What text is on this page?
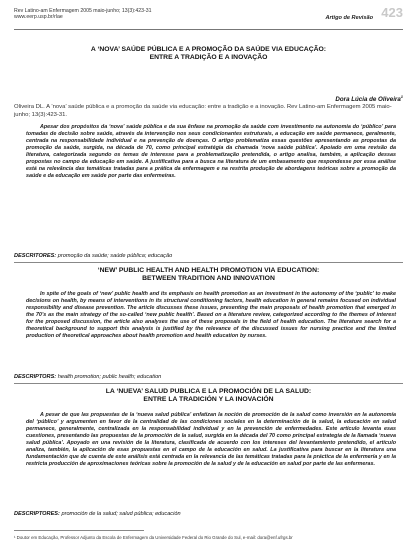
Rev Latino-am Enfermagem 2005 maio-junho; 13(3):423-31
www.eerp.usp.br/rlae	Artigo de Revisão 423
A ‘NOVA’ SAÚDE PÚBLICA E A PROMOÇÃO DA SAÚDE VIA EDUCAÇÃO:
ENTRE A TRADIÇÃO E A INOVAÇÃO
Dora Lúcia de Oliveira$^1$
Oliveira DL. A ‘nova’ saúde pública e a promoção da saúde via educação: entre a tradição e a inovação. Rev Latino-am Enfermagem 2005 maio-junho; 13(3):423-31.
Apesar dos propósitos da ‘nova’ saúde pública e da sua ênfase na promoção da saúde com investimento na autonomia do ‘público’ para tomadas de decisão sobre saúde, através da intervenção nos seus condicionantes estruturais, a educação em saúde permanece, geralmente, centrada na responsabilidade individual e na prevenção de doenças. O artigo problematiza essas questões apresentando as propostas da promoção da saúde, surgida, na década de 70, como principal estratégia da chamada ‘nova saúde pública’. Apoiado em uma revisão da literatura, categorizada segundo os temas de interesse para a problematização pretendida, o artigo analisa, também, a aplicação dessas propostas no campo da educação em saúde. A justificativa para a busca na literatura de um embasamento que respondesse por essa análise está na relevância das temáticas tratadas para a prática da enfermagem e na restrita produção de abordagens teóricas sobre a promoção da saúde e da educação em saúde por parte das enfermeiras.
DESCRITORES: promoção da saúde; saúde pública; educação
‘NEW’ PUBLIC HEALTH AND HEALTH PROMOTION VIA EDUCATION:
BETWEEN TRADITION AND INNOVATION
In spite of the goals of ‘new’ public health and its emphasis on health promotion as an investment in the autonomy of the ‘public’ to make decisions on health, by means of interventions in its structural conditioning factors, health education in general remains focused on individual responsibility and disease prevention. The article discusses these issues, presenting the main proposals of health promotion that emerged in the 70’s as the main strategy of the so-called ‘new public health’. Based on a literature review, categorized according to the themes of interest for the proposed discussion, the article also analyses the use of these proposals in the field of health education. The literature search for a theoretical background to support this analysis is justified by the relevance of the discussed issues for nursing practice and the limited production of theoretical approaches about health promotion and health education by nurses.
DESCRIPTORS: health promotion; public health; education
LA ‘NUEVA’ SALUD PUBLICA E LA PROMOCIÓN DE LA SALUD:
ENTRE LA TRADICIÓN Y LA INOVACIÓN
A pesar de que las propuestas de la ‘nueva salud pública’ enfatizan la noción de promoción de la salud como inversión en la autonomía del ‘público’ y argumenten en favor de la centralidad de las condiciones sociales en la determinación de la salud, la educación en salud permanece, generalmente, centralizada en la responsabilidad individual y en la prevención de enfermedades. Este artículo levanta esas cuestiones, presentando las propuestas de la promoción de la salud, surgida en la década del 70 como principal estrategia de la llamada ‘nueva salud pública’. Apoyado en una revisión de la literatura, clasificada de acuerdo con los intereses del levantamiento pretendido, el artículo analiza, también, la aplicación de esas propuestas en el campo de la educación en salud. La justificativa para buscar en la literatura una fundamentación que de cuenta de este análisis está centrada en la relevancia de las temáticas tratadas para la práctica de la enfermería y en la restricta producción de aproximaciones teóricas sobre la promoción de la salud y de la educación en salud por parte de las enfermeras.
DESCRIPTORES: promoción de la salud; salud pública; educación
¹ Doutor em Educação, Professor Adjunto da Escola de Enfermagem da Universidade Federal do Rio Grande do Sul, e-mail: dora@enf.ufrgs.br
